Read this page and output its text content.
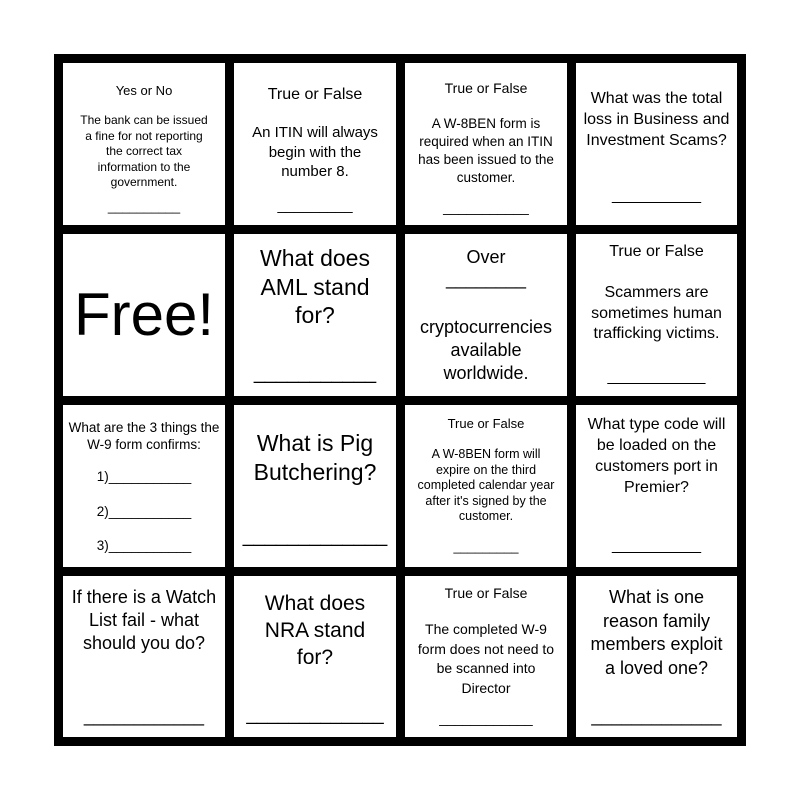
Yes or No
The bank can be issued a fine for not reporting the correct tax information to the government.
__________
True or False
An ITIN will always begin with the number 8.
_________
True or False
A W-8BEN form is required when an ITIN has been issued to the customer.
___________
What was the total loss in Business and Investment Scams?
__________
Free!
What does AML stand for?
___________
Over
________
cryptocurrencies available worldwide.
True or False
Scammers are sometimes human trafficking victims.
___________
What are the 3 things the W-9 form confirms:
1)___________
2)___________
3)___________
What is Pig Butchering?
_____________
True or False
A W-8BEN form will expire on the third completed calendar year after it's signed by the customer.
_________
What type code will be loaded on the customers port in Premier?
__________
If there is a Watch List fail - what should you do?
____________
What does NRA stand for?
_____________
True or False
The completed W-9 form does not need to be scanned into Director
____________
What is one reason family members exploit a loved one?
_____________
